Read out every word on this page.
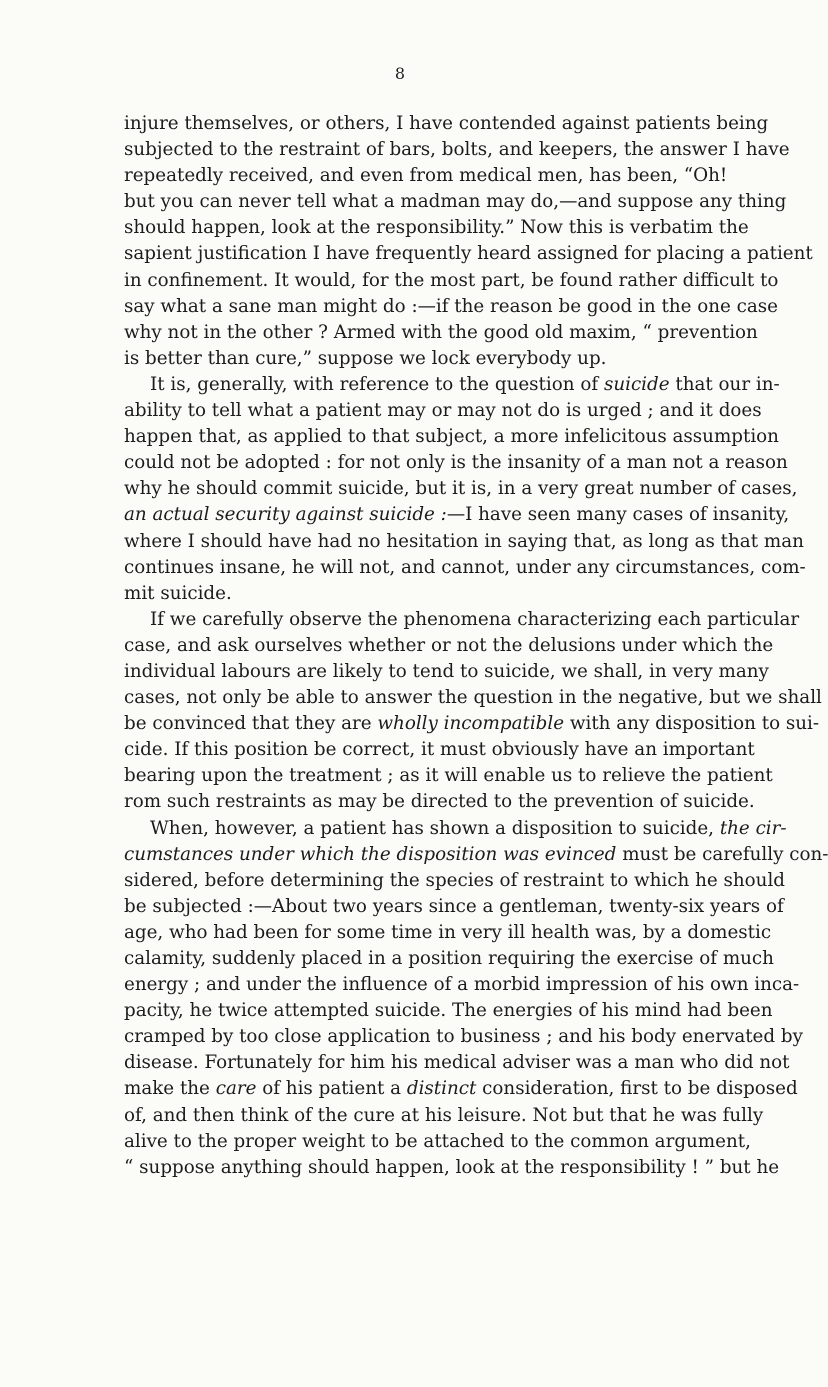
8
injure themselves, or others, I have contended against patients being
subjected to the restraint of bars, bolts, and keepers, the answer I have
repeatedly received, and even from medical men, has been, “Oh!
but you can never tell what a madman may do,—and suppose any thing
should happen, look at the responsibility.” Now this is verbatim the
sapient justification I have frequently heard assigned for placing a patient
in confinement. It would, for the most part, be found rather difficult to
say what a sane man might do :—if the reason be good in the one case
why not in the other ? Armed with the good old maxim, “ prevention
is better than cure,” suppose we lock everybody up.
It is, generally, with reference to the question of suicide that our in-
ability to tell what a patient may or may not do is urged ; and it does
happen that, as applied to that subject, a more infelicitous assumption
could not be adopted : for not only is the insanity of a man not a reason
why he should commit suicide, but it is, in a very great number of cases,
an actual security against suicide :—I have seen many cases of insanity,
where I should have had no hesitation in saying that, as long as that man
continues insane, he will not, and cannot, under any circumstances, com-
mit suicide.
If we carefully observe the phenomena characterizing each particular
case, and ask ourselves whether or not the delusions under which the
individual labours are likely to tend to suicide, we shall, in very many
cases, not only be able to answer the question in the negative, but we shall
be convinced that they are wholly incompatible with any disposition to sui-
cide. If this position be correct, it must obviously have an important
bearing upon the treatment ; as it will enable us to relieve the patient
rom such restraints as may be directed to the prevention of suicide.
When, however, a patient has shown a disposition to suicide, the cir-
cumstances under which the disposition was evinced must be carefully con-
sidered, before determining the species of restraint to which he should
be subjected :—About two years since a gentleman, twenty-six years of
age, who had been for some time in very ill health was, by a domestic
calamity, suddenly placed in a position requiring the exercise of much
energy ; and under the influence of a morbid impression of his own inca-
pacity, he twice attempted suicide. The energies of his mind had been
cramped by too close application to business ; and his body enervated by
disease. Fortunately for him his medical adviser was a man who did not
make the care of his patient a distinct consideration, first to be disposed
of, and then think of the cure at his leisure. Not but that he was fully
alive to the proper weight to be attached to the common argument,
“ suppose anything should happen, look at the responsibility ! ” but he
